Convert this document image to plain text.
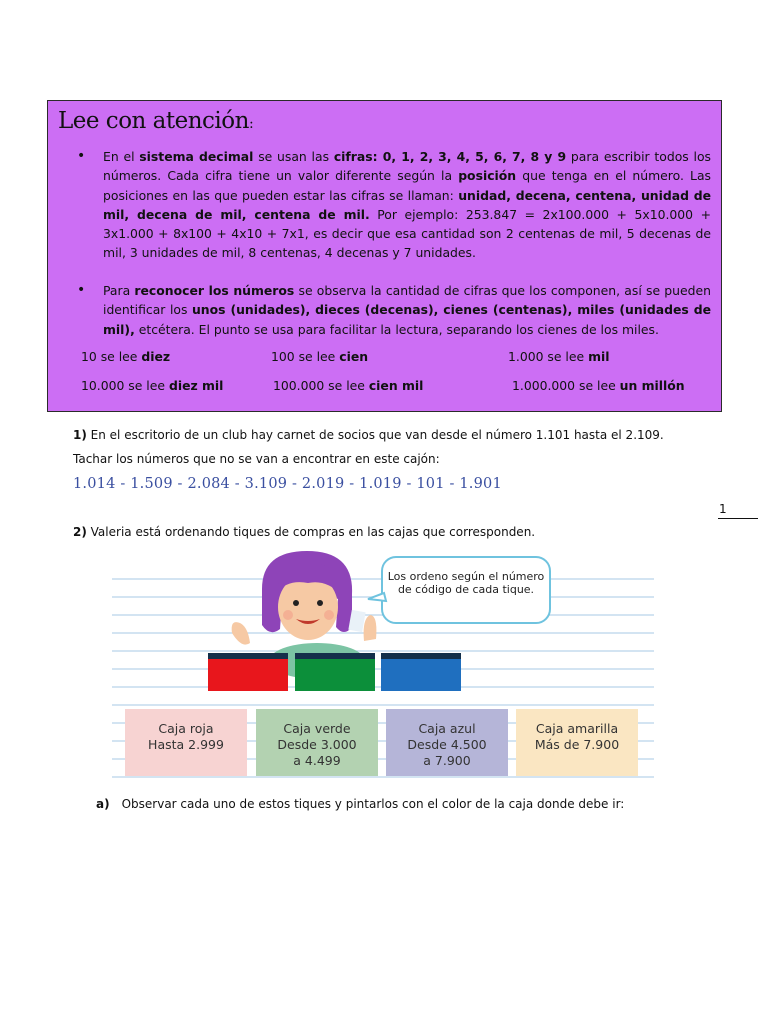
Lee con atención:
• En el sistema decimal se usan las cifras: 0, 1, 2, 3, 4, 5, 6, 7, 8 y 9 para escribir todos los números. Cada cifra tiene un valor diferente según la posición que tenga en el número. Las posiciones en las que pueden estar las cifras se llaman: unidad, decena, centena, unidad de mil, decena de mil, centena de mil. Por ejemplo: 253.847 = 2x100.000 + 5x10.000 + 3x1.000 + 8x100 + 4x10 + 7x1, es decir que esa cantidad son 2 centenas de mil, 5 decenas de mil, 3 unidades de mil, 8 centenas, 4 decenas y 7 unidades.
• Para reconocer los números se observa la cantidad de cifras que los componen, así se pueden identificar los unos (unidades), dieces (decenas), cienes (centenas), miles (unidades de mil), etcétera. El punto se usa para facilitar la lectura, separando los cienes de los miles.
10 se lee diez	100 se lee cien	1.000 se lee mil
10.000 se lee diez mil	100.000 se lee cien mil	1.000.000 se lee un millón
1) En el escritorio de un club hay carnet de socios que van desde el número 1.101 hasta el 2.109.
Tachar los números que no se van a encontrar en este cajón:
1.014 - 1.509 - 2.084 - 3.109 - 2.019 - 1.019 - 101 - 1.901
1
2) Valeria está ordenando tiques de compras en las cajas que corresponden.
Los ordeno según el número de código de cada tique.
Caja roja
Hasta 2.999
Caja verde
Desde 3.000
a 4.499
Caja azul
Desde 4.500
a 7.900
Caja amarilla
Más de 7.900
a) Observar cada uno de estos tiques y pintarlos con el color de la caja donde debe ir:
